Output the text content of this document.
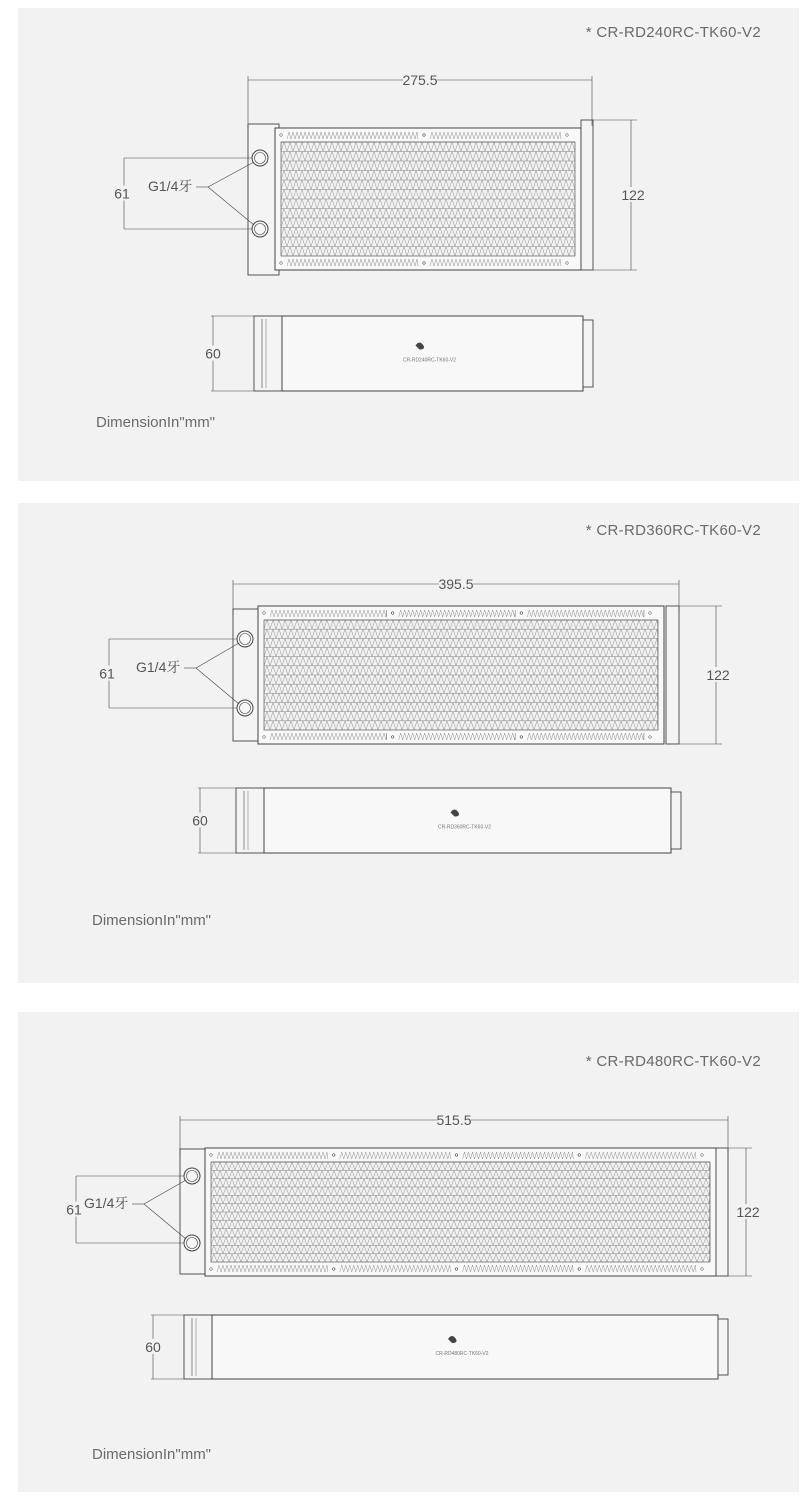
275.5
122
61 G1/4牙
60	CR-RD240RC-TK60-V2
* CR-RD240RC-TK60-V2
DimensionIn"mm"
395.5
122
61 G1/4牙
60	CR-RD360RC-TK60-V2
* CR-RD360RC-TK60-V2
DimensionIn"mm"
515.5
122
61 G1/4牙
60	CR-RD480RC-TK60-V2
* CR-RD480RC-TK60-V2
DimensionIn"mm"
